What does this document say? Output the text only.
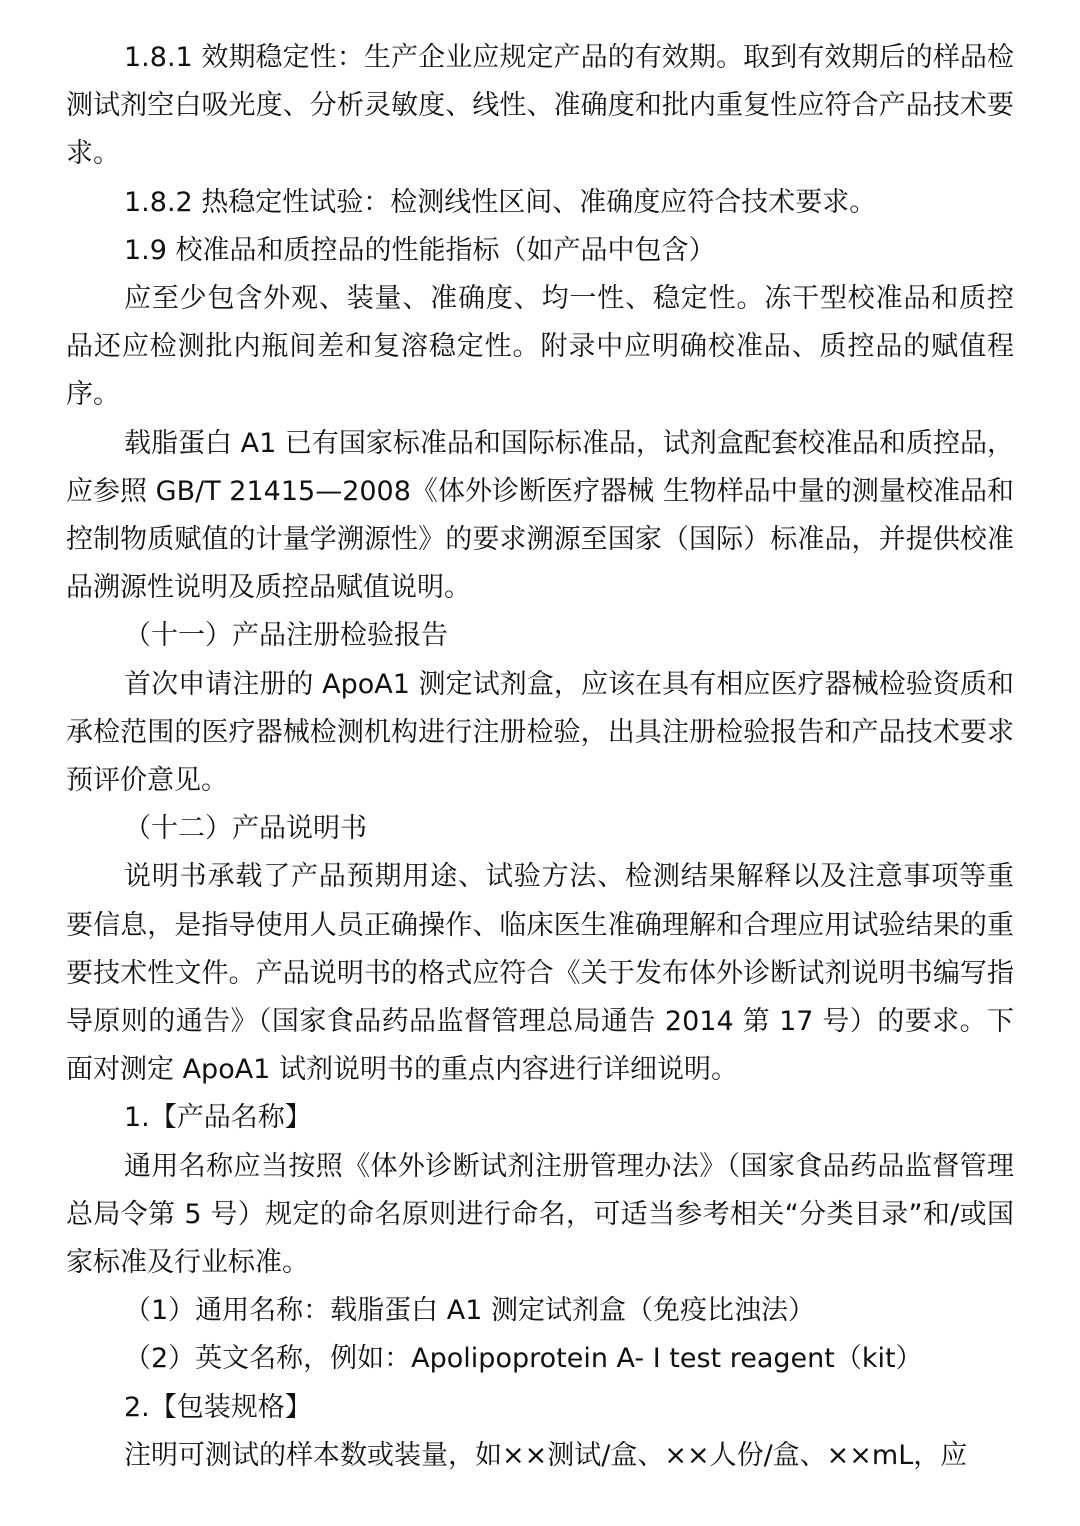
1.8.1 效期稳定性：生产企业应规定产品的有效期。取到有效期后的样品检测试剂空白吸光度、分析灵敏度、线性、准确度和批内重复性应符合产品技术要求。

1.8.2 热稳定性试验：检测线性区间、准确度应符合技术要求。

1.9 校准品和质控品的性能指标（如产品中包含）

应至少包含外观、装量、准确度、均一性、稳定性。冻干型校准品和质控品还应检测批内瓶间差和复溶稳定性。附录中应明确校准品、质控品的赋值程序。

载脂蛋白 A1 已有国家标准品和国际标准品，试剂盒配套校准品和质控品，应参照 GB/T 21415—2008《体外诊断医疗器械 生物样品中量的测量校准品和控制物质赋值的计量学溯源性》的要求溯源至国家（国际）标准品，并提供校准品溯源性说明及质控品赋值说明。

（十一）产品注册检验报告

首次申请注册的 ApoA1 测定试剂盒，应该在具有相应医疗器械检验资质和承检范围的医疗器械检测机构进行注册检验，出具注册检验报告和产品技术要求预评价意见。

（十二）产品说明书

说明书承载了产品预期用途、试验方法、检测结果解释以及注意事项等重要信息，是指导使用人员正确操作、临床医生准确理解和合理应用试验结果的重要技术性文件。产品说明书的格式应符合《关于发布体外诊断试剂说明书编写指导原则的通告》（国家食品药品监督管理总局通告 2014 第 17 号）的要求。下面对测定 ApoA1 试剂说明书的重点内容进行详细说明。

1.【产品名称】

通用名称应当按照《体外诊断试剂注册管理办法》（国家食品药品监督管理总局令第 5 号）规定的命名原则进行命名，可适当参考相关“分类目录”和/或国家标准及行业标准。

（1）通用名称：载脂蛋白 A1 测定试剂盒（免疫比浊法）

（2）英文名称，例如：Apolipoprotein A- I test reagent（kit）

2.【包装规格】

注明可测试的样本数或装量，如××测试/盒、××人份/盒、××mL，应
